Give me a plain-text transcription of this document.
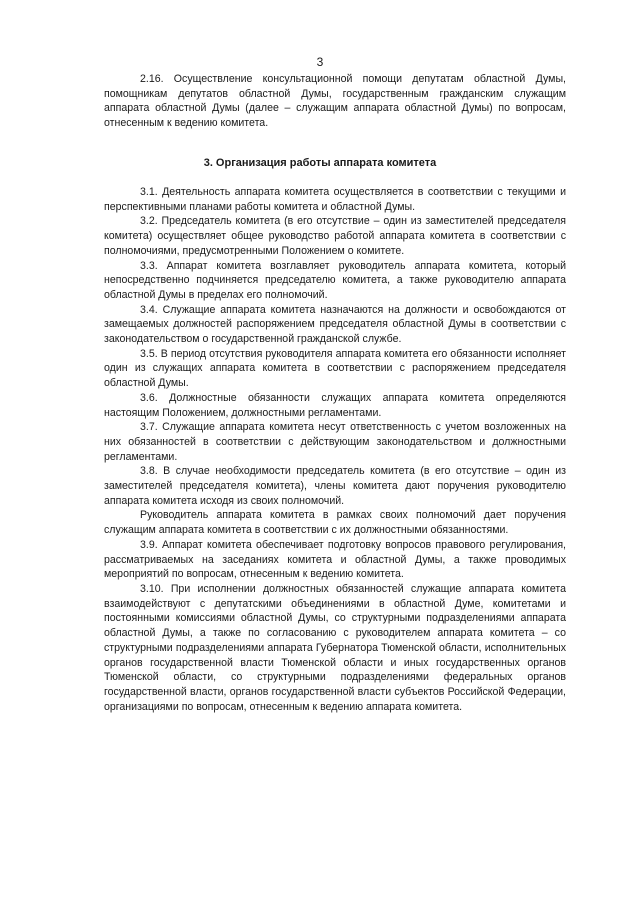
3

2.16. Осуществление консультационной помощи депутатам областной Думы, помощникам депутатов областной Думы, государственным гражданским служащим аппарата областной Думы (далее – служащим аппарата областной Думы) по вопросам, отнесенным к ведению комитета.

3. Организация работы аппарата комитета

3.1. Деятельность аппарата комитета осуществляется в соответствии с текущими и перспективными планами работы комитета и областной Думы.

3.2. Председатель комитета (в его отсутствие – один из заместителей председателя комитета) осуществляет общее руководство работой аппарата комитета в соответствии с полномочиями, предусмотренными Положением о комитете.

3.3. Аппарат комитета возглавляет руководитель аппарата комитета, который непосредственно подчиняется председателю комитета, а также руководителю аппарата областной Думы в пределах его полномочий.

3.4. Служащие аппарата комитета назначаются на должности и освобождаются от замещаемых должностей распоряжением председателя областной Думы в соответствии с законодательством о государственной гражданской службе.

3.5. В период отсутствия руководителя аппарата комитета его обязанности исполняет один из служащих аппарата комитета в соответствии с распоряжением председателя областной Думы.

3.6. Должностные обязанности служащих аппарата комитета определяются настоящим Положением, должностными регламентами.

3.7. Служащие аппарата комитета несут ответственность с учетом возложенных на них обязанностей в соответствии с действующим законодательством и должностными регламентами.

3.8. В случае необходимости председатель комитета (в его отсутствие – один из заместителей председателя комитета), члены комитета дают поручения руководителю аппарата комитета исходя из своих полномочий.

Руководитель аппарата комитета в рамках своих полномочий дает поручения служащим аппарата комитета в соответствии с их должностными обязанностями.

3.9. Аппарат комитета обеспечивает подготовку вопросов правового регулирования, рассматриваемых на заседаниях комитета и областной Думы, а также проводимых мероприятий по вопросам, отнесенным к ведению комитета.

3.10. При исполнении должностных обязанностей служащие аппарата комитета взаимодействуют с депутатскими объединениями в областной Думе, комитетами и постоянными комиссиями областной Думы, со структурными подразделениями аппарата областной Думы, а также по согласованию с руководителем аппарата комитета – со структурными подразделениями аппарата Губернатора Тюменской области, исполнительных органов государственной власти Тюменской области и иных государственных органов Тюменской области, со структурными подразделениями федеральных органов государственной власти, органов государственной власти субъектов Российской Федерации, организациями по вопросам, отнесенным к ведению аппарата комитета.
